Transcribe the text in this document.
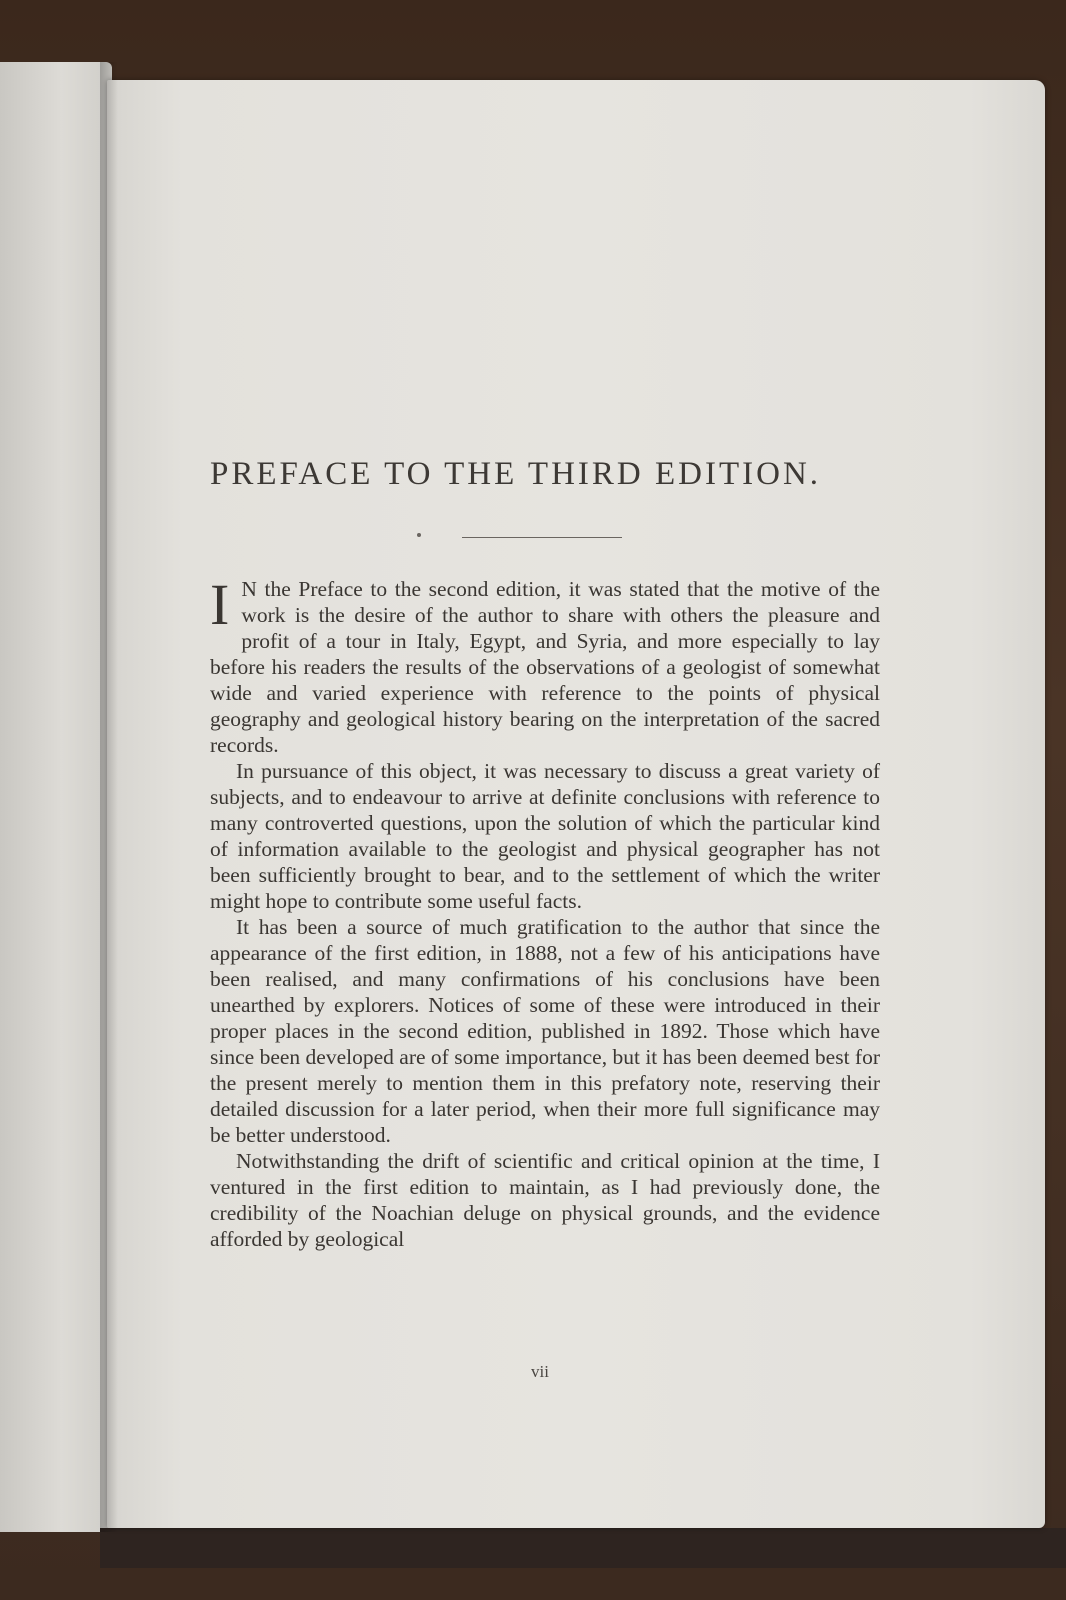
PREFACE TO THE THIRD EDITION.

I N the Preface to the second edition, it was stated that the motive of the work is the desire of the author to share with others the pleasure and profit of a tour in Italy, Egypt, and Syria, and more especially to lay before his readers the results of the observations of a geologist of somewhat wide and varied experience with reference to the points of physical geography and geological history bearing on the interpretation of the sacred records.

In pursuance of this object, it was necessary to discuss a great variety of subjects, and to endeavour to arrive at definite conclusions with reference to many controverted questions, upon the solution of which the particular kind of information available to the geologist and physical geographer has not been sufficiently brought to bear, and to the settlement of which the writer might hope to contribute some useful facts.

It has been a source of much gratification to the author that since the appearance of the first edition, in 1888, not a few of his anticipations have been realised, and many confirmations of his conclusions have been unearthed by explorers. Notices of some of these were introduced in their proper places in the second edition, published in 1892. Those which have since been developed are of some importance, but it has been deemed best for the present merely to mention them in this prefatory note, reserving their detailed discussion for a later period, when their more full significance may be better understood.

Notwithstanding the drift of scientific and critical opinion at the time, I ventured in the first edition to maintain, as I had previously done, the credibility of the Noachian deluge on physical grounds, and the evidence afforded by geological

vii
